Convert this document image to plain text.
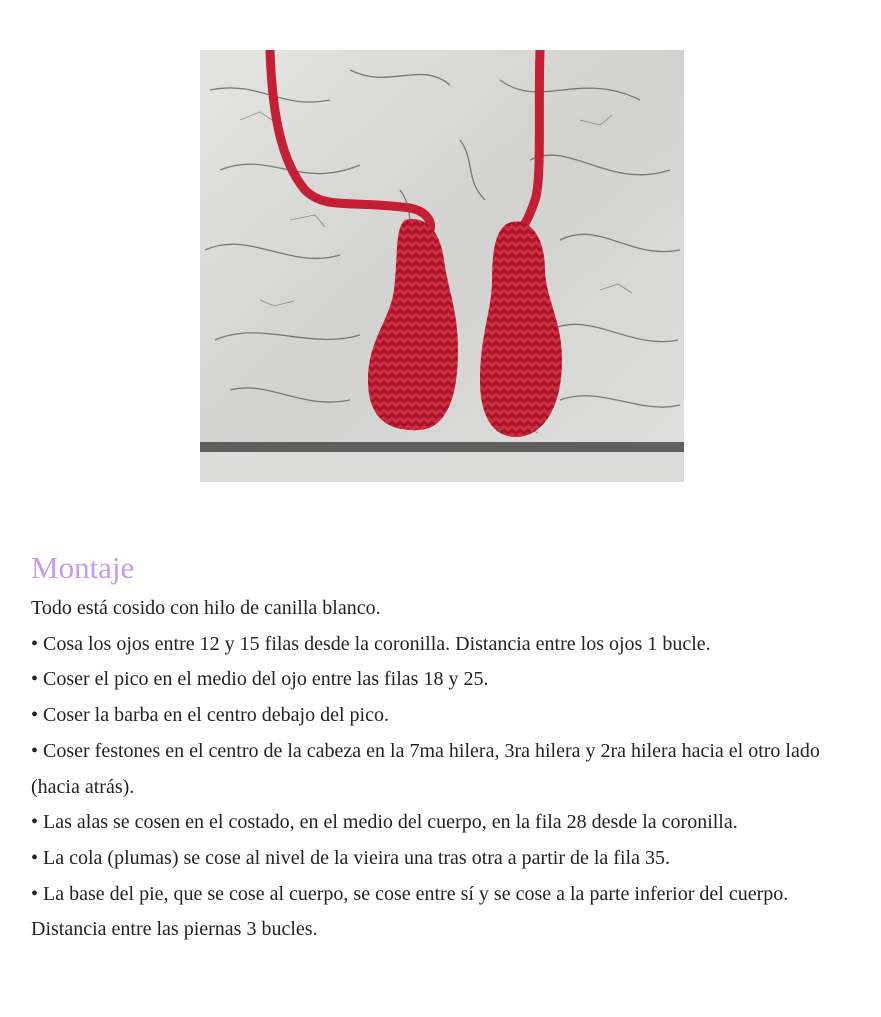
Montaje

Todo está cosido con hilo de canilla blanco.

• Cosa los ojos entre 12 y 15 filas desde la coronilla. Distancia entre los ojos 1 bucle.

• Coser el pico en el medio del ojo entre las filas 18 y 25.

• Coser la barba en el centro debajo del pico.

• Coser festones en el centro de la cabeza en la 7ma hilera, 3ra hilera y 2ra hilera hacia el otro lado (hacia atrás).

• Las alas se cosen en el costado, en el medio del cuerpo, en la fila 28 desde la coronilla.

• La cola (plumas) se cose al nivel de la vieira una tras otra a partir de la fila 35.

• La base del pie, que se cose al cuerpo, se cose entre sí y se cose a la parte inferior del cuerpo. Distancia entre las piernas 3 bucles.
